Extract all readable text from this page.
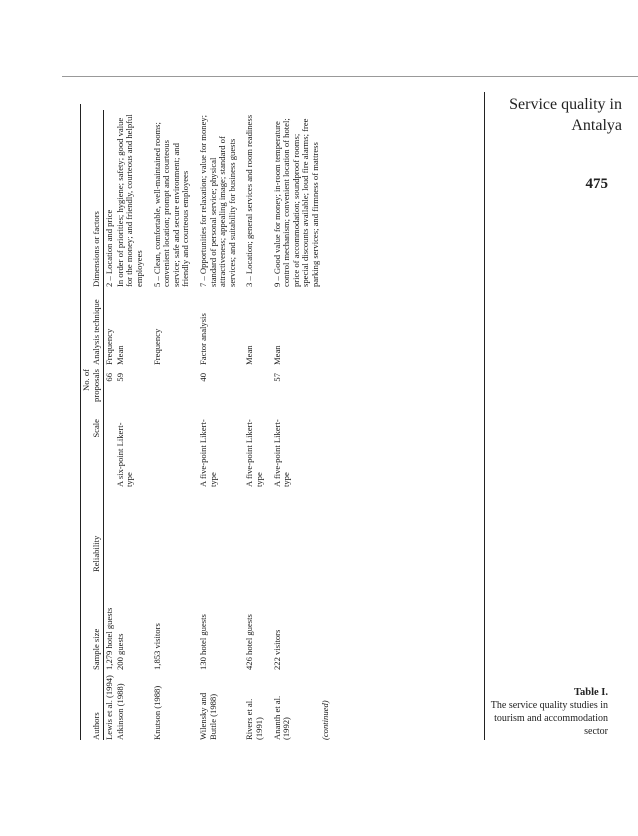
Service quality in Antalya
475
Table I.
The service quality studies in tourism and accommodation sector
Authors	Sample size	Reliability	Scale	No. of proposals	Analysis technique	Dimensions or factors
Lewis et al. (1994)	1,279 hotel guests			66	Frequency	2 – Location and price
Atkinson (1988)	200 guests		A six-point Likert-type	59	Mean	In order of priorities; hygiene; safety; good value for the money; and friendly, courteous and helpful employees
Knutson (1988)	1,853 visitors				Frequency	5 – Clean, comfortable, well-maintained rooms; convenient location; prompt and courteous service; safe and secure environment; and friendly and courteous employees
Wilensky and Buttle (1988)	130 hotel guests		A five-point Likert-type	40	Factor analysis	7 – Opportunities for relaxation; value for money; standard of personal service; physical attractiveness; appealing image; standard of services; and suitability for business guests
Rivers et al. (1991)	426 hotel guests		A five-point Likert-type		Mean	3 – Location; general services and room readiness
Ananth et al. (1992)	222 visitors		A five-point Likert-type	57	Mean	9 – Good value for money; in-room temperature control mechanism; convenient location of hotel; price of accommodation; soundproof rooms; special discounts available; loud fire alarms; free parking services; and firmness of mattress
(continued)						
